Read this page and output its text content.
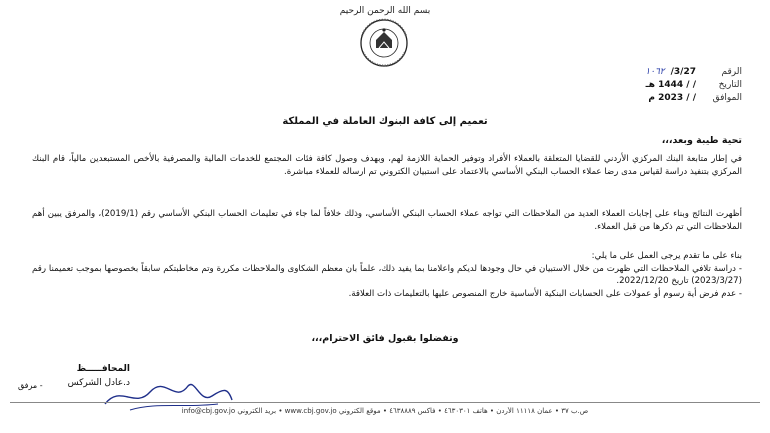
بسم الله الرحمن الرحيم
الرقم
3/27/
١٠٦٢
التاريخ
/ / 1444 هـ
الموافق
/ / 2023 م
تعميم إلى كافة البنوك العاملة في المملكة
تحية طيبة وبعد،،،

في إطار متابعة البنك المركزي الأردني للقضايا المتعلقة بالعملاء الأفراد وتوفير الحماية اللازمة لهم، وبهدف وصول كافة فئات المجتمع للخدمات المالية والمصرفية بالأخص المستبعدين مالياً، قام البنك المركزي بتنفيذ دراسة لقياس مدى رضا عملاء الحساب البنكي الأساسي بالاعتماد على استبيان الكتروني تم ارساله للعملاء مباشرة.

أظهرت النتائج وبناء على إجابات العملاء العديد من الملاحظات التي تواجه عملاء الحساب البنكي الأساسي، وذلك خلافاً لما جاء في تعليمات الحساب البنكي الأساسي رقم (2019/1)، والمرفق يبين أهم الملاحظات التي تم ذكرها من قبل العملاء.

بناء على ما تقدم يرجى العمل على ما يلي:
- دراسة تلافي الملاحظات التي ظهرت من خلال الاستبيان في حال وجودها لديكم واعلامنا بما يفيد ذلك، علماً بان معظم الشكاوى والملاحظات مكررة وتم مخاطبتكم سابقاً بخصوصها بموجب تعميمنا رقم (2023/3/27) تاريخ 2022/12/20.
- عدم فرض أية رسوم أو عمولات على الحسابات البنكية الأساسية خارج المنصوص عليها بالتعليمات ذات العلاقة.
وتفضلوا بقبول فائق الاحترام،،،
المحافـــــظ
د.عادل الشركس
- مرفق
ص.ب ٣٧ • عمان ١١١١٨ الأردن • هاتف ٤٦٣٠٣٠١ • فاكس ٤٦٣٨٨٨٩ • موقع الكتروني www.cbj.gov.jo • بريد الكتروني info@cbj.gov.jo
